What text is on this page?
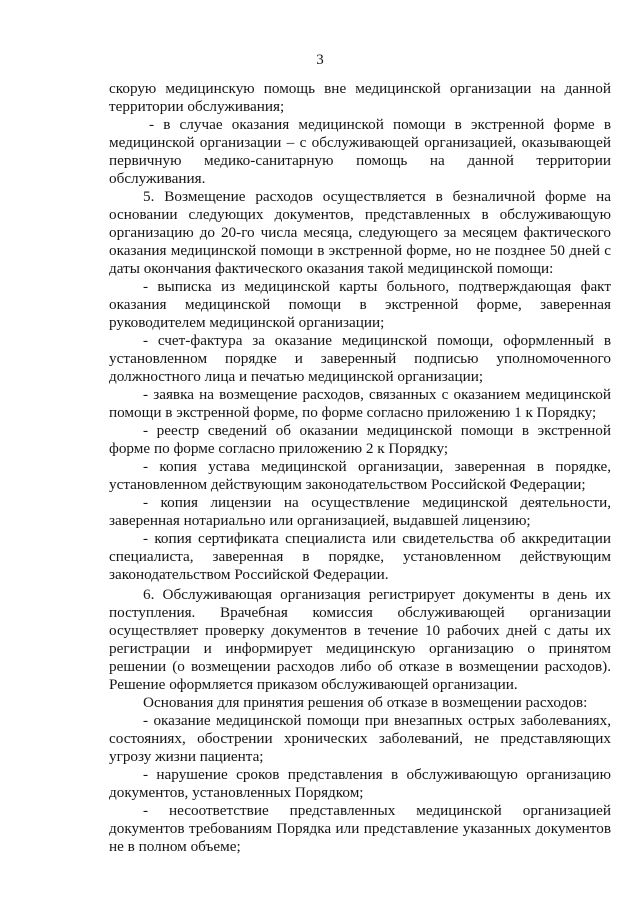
3

скорую медицинскую помощь вне медицинской организации на данной территории обслуживания;

- в случае оказания медицинской помощи в экстренной форме в медицинской организации – с обслуживающей организацией, оказывающей первичную медико-санитарную помощь на данной территории обслуживания.

5. Возмещение расходов осуществляется в безналичной форме на основании следующих документов, представленных в обслуживающую организацию до 20-го числа месяца, следующего за месяцем фактического оказания медицинской помощи в экстренной форме, но не позднее 50 дней с даты окончания фактического оказания такой медицинской помощи:

- выписка из медицинской карты больного, подтверждающая факт оказания медицинской помощи в экстренной форме, заверенная руководителем медицинской организации;

- счет-фактура за оказание медицинской помощи, оформленный в установленном порядке и заверенный подписью уполномоченного должностного лица и печатью медицинской организации;

- заявка на возмещение расходов, связанных с оказанием медицинской помощи в экстренной форме, по форме согласно приложению 1 к Порядку;

- реестр сведений об оказании медицинской помощи в экстренной форме по форме согласно приложению 2 к Порядку;

- копия устава медицинской организации, заверенная в порядке, установленном действующим законодательством Российской Федерации;

- копия лицензии на осуществление медицинской деятельности, заверенная нотариально или организацией, выдавшей лицензию;

- копия сертификата специалиста или свидетельства об аккредитации специалиста, заверенная в порядке, установленном действующим законодательством Российской Федерации.

6. Обслуживающая организация регистрирует документы в день их поступления. Врачебная комиссия обслуживающей организации осуществляет проверку документов в течение 10 рабочих дней с даты их регистрации и информирует медицинскую организацию о принятом решении (о возмещении расходов либо об отказе в возмещении расходов). Решение оформляется приказом обслуживающей организации.

Основания для принятия решения об отказе в возмещении расходов:

- оказание медицинской помощи при внезапных острых заболеваниях, состояниях, обострении хронических заболеваний, не представляющих угрозу жизни пациента;

- нарушение сроков представления в обслуживающую организацию документов, установленных Порядком;

- несоответствие представленных медицинской организацией документов требованиям Порядка или представление указанных документов не в полном объеме;
